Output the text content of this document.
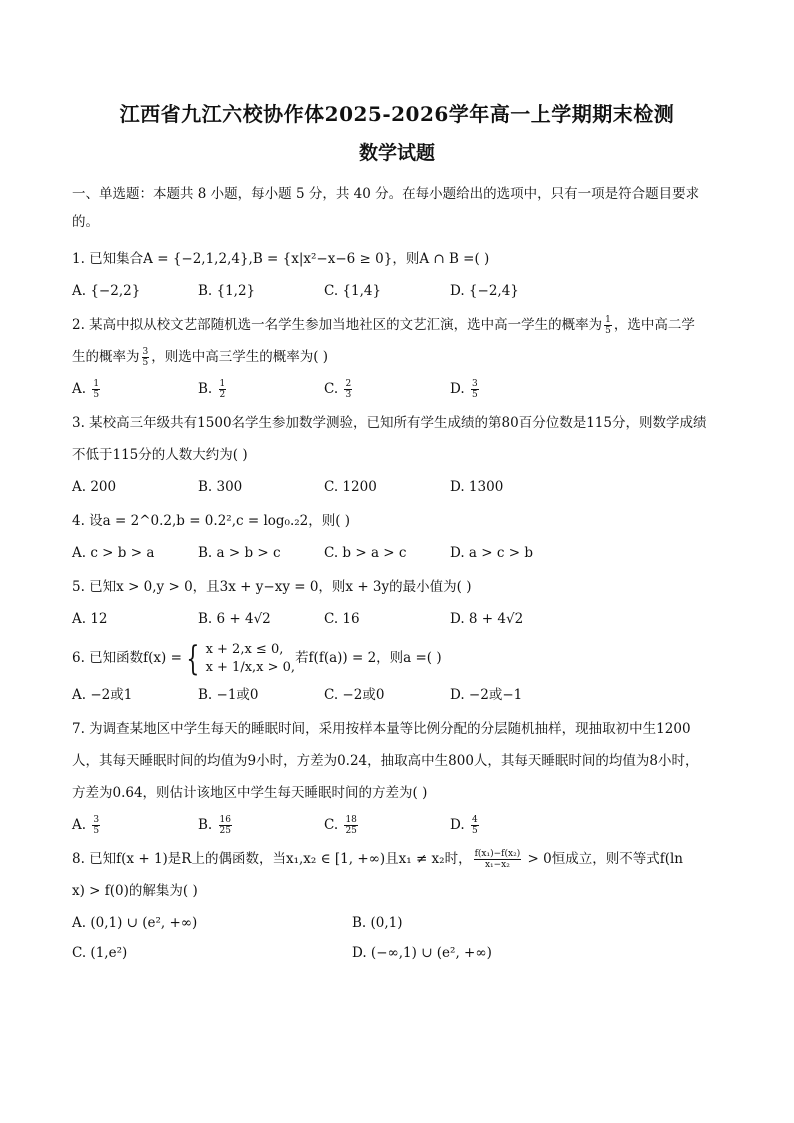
江西省九江六校协作体2025-2026学年高一上学期期末检测
数学试题
一、单选题：本题共 8 小题，每小题 5 分，共 40 分。在每小题给出的选项中，只有一项是符合题目要求
的。
1. 已知集合A = {−2,1,2,4},B = {x|x²−x−6 ≥ 0}，则A ∩ B =( )
A. {−2,2}	B. {1,2}	C. {1,4}	D. {−2,4}
2. 某高中拟从校文艺部随机选一名学生参加当地社区的文艺汇演，选中高一学生的概率为 $\frac{1}{5}$ ，选中高二学
生的概率为 $\frac{3}{5}$ ，则选中高三学生的概率为( )
A. $\frac{1}{5}$	B. $\frac{1}{2}$	C. $\frac{2}{3}$	D. $\frac{3}{5}$
3. 某校高三年级共有1500名学生参加数学测验，已知所有学生成绩的第80百分位数是115分，则数学成绩
不低于115分的人数大约为( )
A. 200	B. 300	C. 1200	D. 1300
4. 设a = 2^0.2,b = 0.2²,c = log₀.₂2，则( )
A. c > b > a	B. a > b > c	C. b > a > c	D. a > c > b
5. 已知x > 0,y > 0，且3x + y−xy = 0，则x + 3y的最小值为( )
A. 12	B. 6 + 4√2	C. 16	D. 8 + 4√2
6. 已知函数f(x) = { x + 2,x ≤ 0,
x + 1/x,x > 0,
若f(f(a)) = 2，则a =( )
A. −2或1	B. −1或0	C. −2或0	D. −2或−1
7. 为调查某地区中学生每天的睡眠时间，采用按样本量等比例分配的分层随机抽样，现抽取初中生1200
人，其每天睡眠时间的均值为9小时，方差为0.24，抽取高中生800人，其每天睡眠时间的均值为8小时，
方差为0.64，则估计该地区中学生每天睡眠时间的方差为( )
A. $\frac{3}{5}$	B. $\frac{16}{25}$	C. $\frac{18}{25}$	D. $\frac{4}{5}$
8. 已知f(x + 1)是R上的偶函数，当x₁,x₂ ∈ [1, +∞)且x₁ ≠ x₂时， $\frac{\text{f(x₁)−f(x₂)}}{\text{x₁−x₂}} > 0$恒成立，则不等式f(ln
x) > f(0)的解集为( )
A. (0,1) ∪ (e², +∞)	B. (0,1)
C. (1,e²)	D. (−∞,1) ∪ (e², +∞)
